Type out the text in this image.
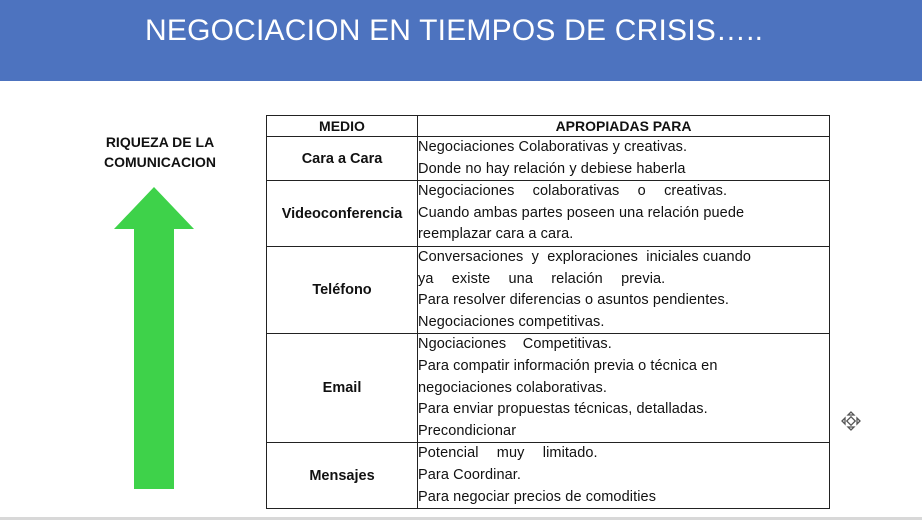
NEGOCIACION EN TIEMPOS DE CRISIS…..
RIQUEZA DE LA
COMUNICACION
MEDIO	APROPIADAS PARA
Cara a Cara	Negociaciones Colaborativas y creativas.
Donde no hay relación y debiese haberla

Videoconferencia	Negociaciones  colaborativas  o  creativas.
Cuando ambas partes poseen una relación puede
reemplazar cara a cara.

Teléfono	Conversaciones  y  exploraciones  iniciales cuando
ya  existe  una  relación  previa.
Para resolver diferencias o asuntos pendientes.
Negociaciones competitivas.

Email	Ngociaciones    Competitivas.
Para compatir información previa o técnica en
negociaciones colaborativas.
Para enviar propuestas técnicas, detalladas.
Precondicionar

Mensajes	Potencial  muy  limitado.
Para Coordinar.
Para negociar precios de comodities
